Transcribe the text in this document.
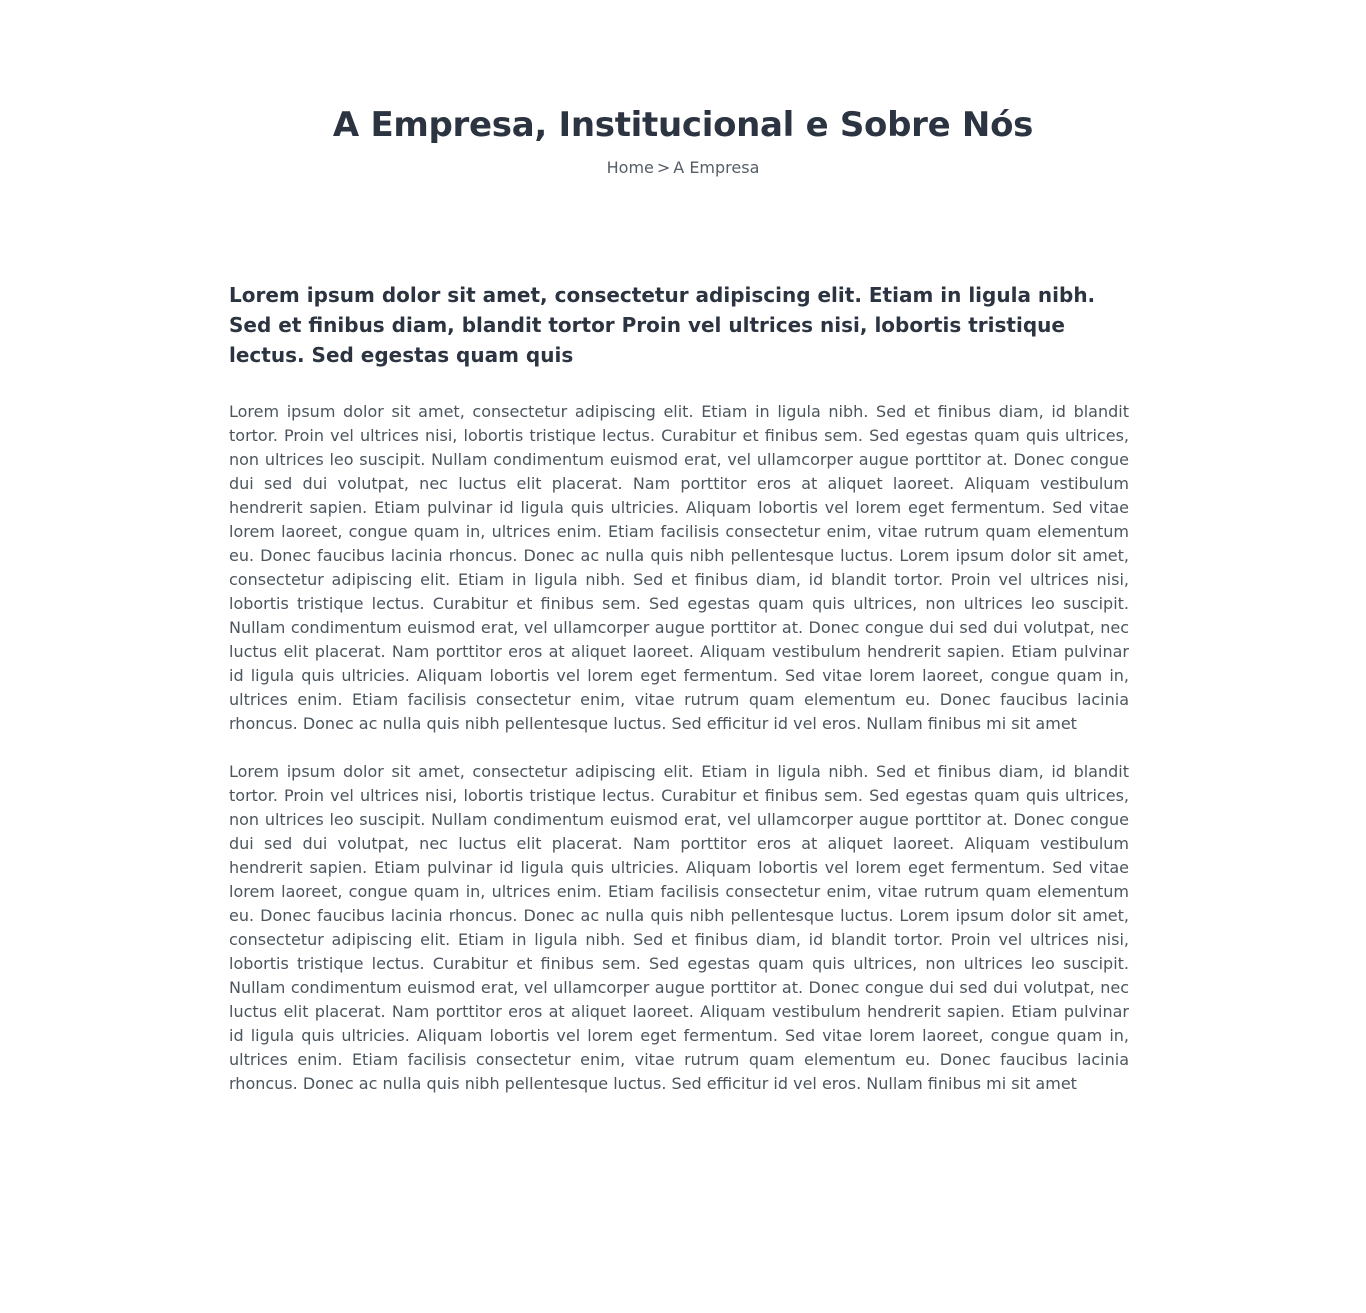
A Empresa, Institucional e Sobre Nós
Home > A Empresa
Lorem ipsum dolor sit amet, consectetur adipiscing elit. Etiam in ligula nibh. Sed et finibus diam, blandit tortor Proin vel ultrices nisi, lobortis tristique lectus. Sed egestas quam quis

Lorem ipsum dolor sit amet, consectetur adipiscing elit. Etiam in ligula nibh. Sed et finibus diam, id blandit tortor. Proin vel ultrices nisi, lobortis tristique lectus. Curabitur et finibus sem. Sed egestas quam quis ultrices, non ultrices leo suscipit. Nullam condimentum euismod erat, vel ullamcorper augue porttitor at. Donec congue dui sed dui volutpat, nec luctus elit placerat. Nam porttitor eros at aliquet laoreet. Aliquam vestibulum hendrerit sapien. Etiam pulvinar id ligula quis ultricies. Aliquam lobortis vel lorem eget fermentum. Sed vitae lorem laoreet, congue quam in, ultrices enim. Etiam facilisis consectetur enim, vitae rutrum quam elementum eu. Donec faucibus lacinia rhoncus. Donec ac nulla quis nibh pellentesque luctus. Lorem ipsum dolor sit amet, consectetur adipiscing elit. Etiam in ligula nibh. Sed et finibus diam, id blandit tortor. Proin vel ultrices nisi, lobortis tristique lectus. Curabitur et finibus sem. Sed egestas quam quis ultrices, non ultrices leo suscipit. Nullam condimentum euismod erat, vel ullamcorper augue porttitor at. Donec congue dui sed dui volutpat, nec luctus elit placerat. Nam porttitor eros at aliquet laoreet. Aliquam vestibulum hendrerit sapien. Etiam pulvinar id ligula quis ultricies. Aliquam lobortis vel lorem eget fermentum. Sed vitae lorem laoreet, congue quam in, ultrices enim. Etiam facilisis consectetur enim, vitae rutrum quam elementum eu. Donec faucibus lacinia rhoncus. Donec ac nulla quis nibh pellentesque luctus. Sed efficitur id vel eros. Nullam finibus mi sit amet

Lorem ipsum dolor sit amet, consectetur adipiscing elit. Etiam in ligula nibh. Sed et finibus diam, id blandit tortor. Proin vel ultrices nisi, lobortis tristique lectus. Curabitur et finibus sem. Sed egestas quam quis ultrices, non ultrices leo suscipit. Nullam condimentum euismod erat, vel ullamcorper augue porttitor at. Donec congue dui sed dui volutpat, nec luctus elit placerat. Nam porttitor eros at aliquet laoreet. Aliquam vestibulum hendrerit sapien. Etiam pulvinar id ligula quis ultricies. Aliquam lobortis vel lorem eget fermentum. Sed vitae lorem laoreet, congue quam in, ultrices enim. Etiam facilisis consectetur enim, vitae rutrum quam elementum eu. Donec faucibus lacinia rhoncus. Donec ac nulla quis nibh pellentesque luctus. Lorem ipsum dolor sit amet, consectetur adipiscing elit. Etiam in ligula nibh. Sed et finibus diam, id blandit tortor. Proin vel ultrices nisi, lobortis tristique lectus. Curabitur et finibus sem. Sed egestas quam quis ultrices, non ultrices leo suscipit. Nullam condimentum euismod erat, vel ullamcorper augue porttitor at. Donec congue dui sed dui volutpat, nec luctus elit placerat. Nam porttitor eros at aliquet laoreet. Aliquam vestibulum hendrerit sapien. Etiam pulvinar id ligula quis ultricies. Aliquam lobortis vel lorem eget fermentum. Sed vitae lorem laoreet, congue quam in, ultrices enim. Etiam facilisis consectetur enim, vitae rutrum quam elementum eu. Donec faucibus lacinia rhoncus. Donec ac nulla quis nibh pellentesque luctus. Sed efficitur id vel eros. Nullam finibus mi sit amet
